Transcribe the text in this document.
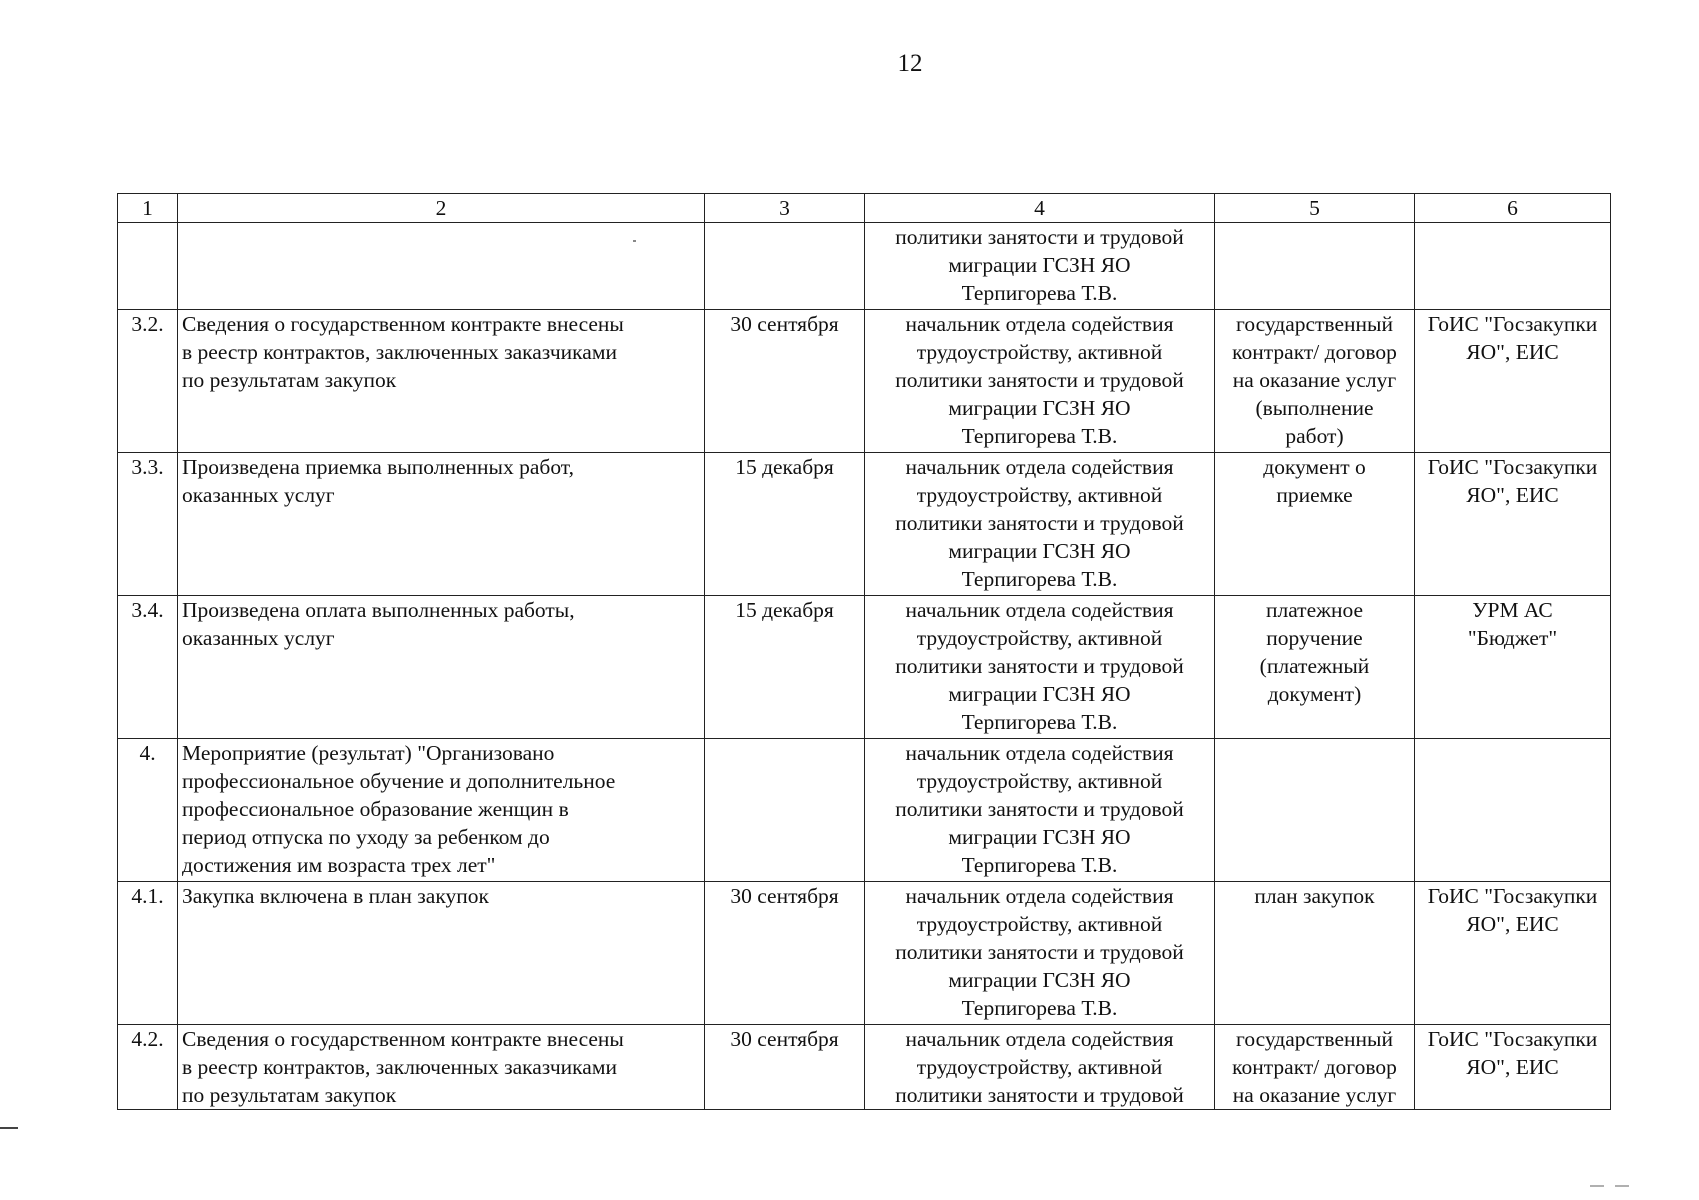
12
1	2	3	4	5	6

			политики занятости и трудовой
миграции ГСЗН ЯО
Терпигорева Т.В.		

3.2.	Сведения о государственном контракте внесены
в реестр контрактов, заключенных заказчиками
по результатам закупок	30 сентября	начальник отдела содействия
трудоустройству, активной
политики занятости и трудовой
миграции ГСЗН ЯО
Терпигорева Т.В.	государственный
контракт/ договор
на оказание услуг
(выполнение
работ)	ГоИС "Госзакупки
ЯО", ЕИС

3.3.	Произведена приемка выполненных работ,
оказанных услуг	15 декабря	начальник отдела содействия
трудоустройству, активной
политики занятости и трудовой
миграции ГСЗН ЯО
Терпигорева Т.В.	документ о
приемке	ГоИС "Госзакупки
ЯО", ЕИС

3.4.	Произведена оплата выполненных работы,
оказанных услуг	15 декабря	начальник отдела содействия
трудоустройству, активной
политики занятости и трудовой
миграции ГСЗН ЯО
Терпигорева Т.В.	платежное
поручение
(платежный
документ)	УРМ АС
"Бюджет"

4.	Мероприятие (результат) "Организовано
профессиональное обучение и дополнительное
профессиональное образование женщин в
период отпуска по уходу за ребенком до
достижения им возраста трех лет"		начальник отдела содействия
трудоустройству, активной
политики занятости и трудовой
миграции ГСЗН ЯО
Терпигорева Т.В.		

4.1.	Закупка включена в план закупок	30 сентября	начальник отдела содействия
трудоустройству, активной
политики занятости и трудовой
миграции ГСЗН ЯО
Терпигорева Т.В.	план закупок	ГоИС "Госзакупки
ЯО", ЕИС

4.2.	Сведения о государственном контракте внесены
в реестр контрактов, заключенных заказчиками
по результатам закупок	30 сентября	начальник отдела содействия
трудоустройству, активной
политики занятости и трудовой	государственный
контракт/ договор
на оказание услуг	ГоИС "Госзакупки
ЯО", ЕИС
